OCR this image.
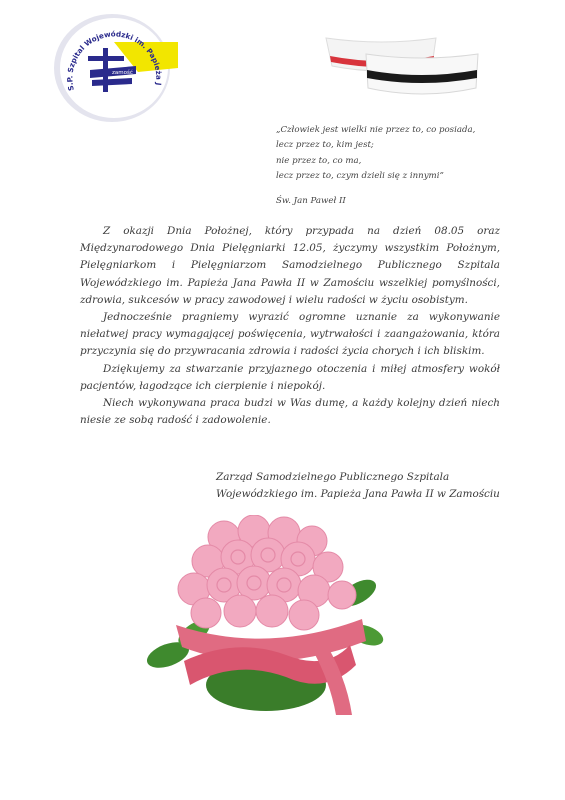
S.P. Szpital Wojewódzki im. Papieża J
zamość
„Człowiek jest wielki nie przez to, co posiada,
lecz przez to, kim jest;
nie przez to, co ma,
lecz przez to, czym dzieli się z innymi”
Św. Jan Paweł II

Z okazji Dnia Położnej, który przypada na dzień 08.05 oraz Międzynarodowego Dnia Pielęgniarki 12.05, życzymy wszystkim Położnym, Pielęgniarkom i Pielęgniarzom Samodzielnego Publicznego Szpitala Wojewódzkiego im. Papieża Jana Pawła II w Zamościu wszelkiej pomyślności, zdrowia, sukcesów w pracy zawodowej i wielu radości w życiu osobistym.

Jednocześnie pragniemy wyrazić ogromne uznanie za wykonywanie niełatwej pracy wymagającej poświęcenia, wytrwałości i zaangażowania, która przyczynia się do przywracania zdrowia i radości życia chorych i ich bliskim.

Dziękujemy za stwarzanie przyjaznego otoczenia i miłej atmosfery wokół pacjentów, łagodzące ich cierpienie i niepokój.

Niech wykonywana praca budzi w Was dumę, a każdy kolejny dzień niech niesie ze sobą radość i zadowolenie.

Zarząd Samodzielnego Publicznego Szpitala
Wojewódzkiego im. Papieża Jana Pawła II w Zamościu
